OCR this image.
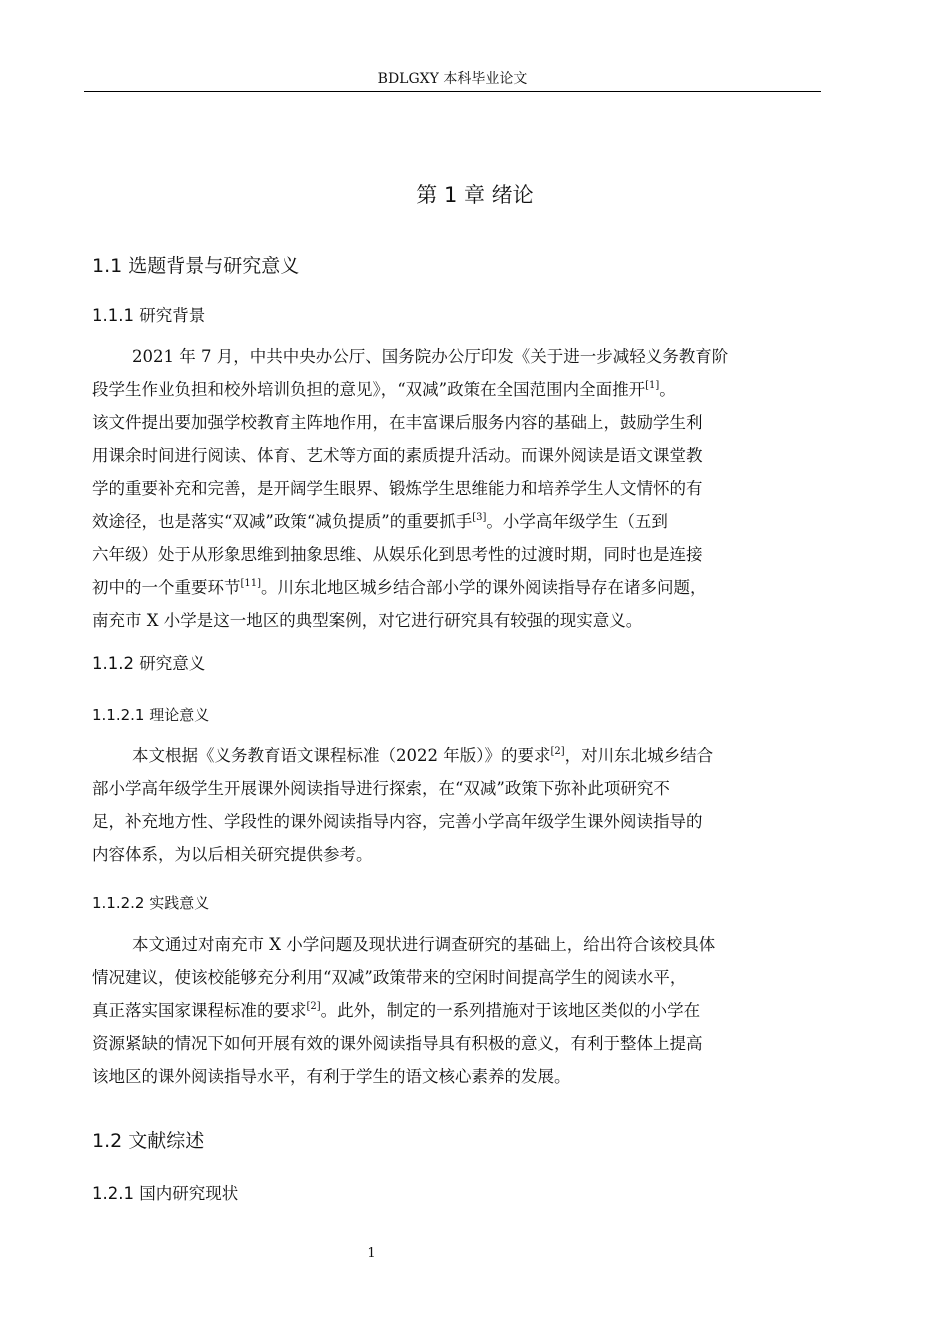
BDLGXY 本科毕业论文
第 1 章 绪论
1.1 选题背景与研究意义
1.1.1 研究背景
2021 年 7 月，中共中央办公厅、国务院办公厅印发《关于进一步减轻义务教育阶
段学生作业负担和校外培训负担的意见》，“双减”政策在全国范围内全面推开[1]。
该文件提出要加强学校教育主阵地作用，在丰富课后服务内容的基础上，鼓励学生利
用课余时间进行阅读、体育、艺术等方面的素质提升活动。而课外阅读是语文课堂教
学的重要补充和完善，是开阔学生眼界、锻炼学生思维能力和培养学生人文情怀的有
效途径，也是落实“双减”政策“减负提质”的重要抓手[3]。小学高年级学生（五到
六年级）处于从形象思维到抽象思维、从娱乐化到思考性的过渡时期，同时也是连接
初中的一个重要环节[11]。川东北地区城乡结合部小学的课外阅读指导存在诸多问题，
南充市 X 小学是这一地区的典型案例，对它进行研究具有较强的现实意义。
1.1.2 研究意义
1.1.2.1 理论意义
本文根据《义务教育语文课程标准（2022 年版）》的要求[2]，对川东北城乡结合
部小学高年级学生开展课外阅读指导进行探索，在“双减”政策下弥补此项研究不
足，补充地方性、学段性的课外阅读指导内容，完善小学高年级学生课外阅读指导的
内容体系，为以后相关研究提供参考。
1.1.2.2 实践意义
本文通过对南充市 X 小学问题及现状进行调查研究的基础上，给出符合该校具体
情况建议，使该校能够充分利用“双减”政策带来的空闲时间提高学生的阅读水平，
真正落实国家课程标准的要求[2]。此外，制定的一系列措施对于该地区类似的小学在
资源紧缺的情况下如何开展有效的课外阅读指导具有积极的意义，有利于整体上提高
该地区的课外阅读指导水平，有利于学生的语文核心素养的发展。
1.2 文献综述
1.2.1 国内研究现状
1
